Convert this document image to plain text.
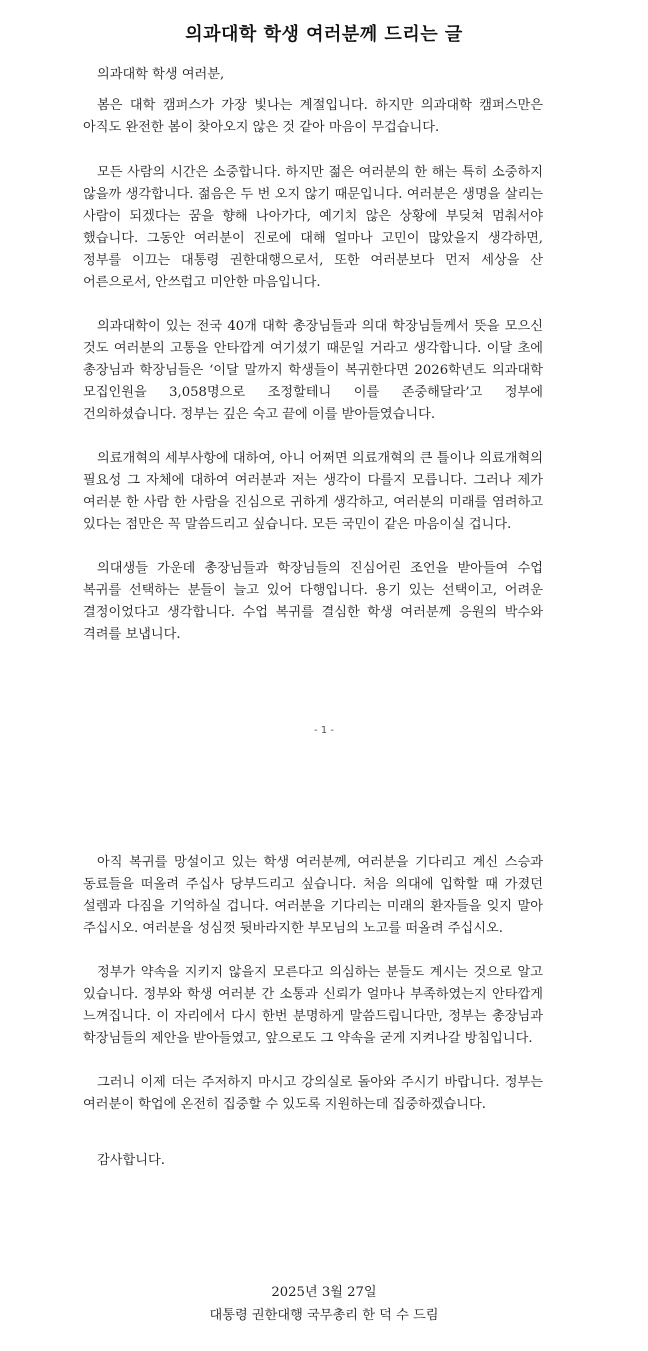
의과대학 학생 여러분께 드리는 글

의과대학 학생 여러분,

봄은 대학 캠퍼스가 가장 빛나는 계절입니다. 하지만 의과대학 캠퍼스만은 아직도 완전한 봄이 찾아오지 않은 것 같아 마음이 무겁습니다.

모든 사람의 시간은 소중합니다. 하지만 젊은 여러분의 한 해는 특히 소중하지 않을까 생각합니다. 젊음은 두 번 오지 않기 때문입니다. 여러분은 생명을 살리는 사람이 되겠다는 꿈을 향해 나아가다, 예기치 않은 상황에 부딪쳐 멈춰서야 했습니다. 그동안 여러분이 진로에 대해 얼마나 고민이 많았을지 생각하면, 정부를 이끄는 대통령 권한대행으로서, 또한 여러분보다 먼저 세상을 산 어른으로서, 안쓰럽고 미안한 마음입니다.

의과대학이 있는 전국 40개 대학 총장님들과 의대 학장님들께서 뜻을 모으신 것도 여러분의 고통을 안타깝게 여기셨기 때문일 거라고 생각합니다. 이달 초에 총장님과 학장님들은 ‘이달 말까지 학생들이 복귀한다면 2026학년도 의과대학 모집인원을 3,058명으로 조정할테니 이를 존중해달라’고 정부에 건의하셨습니다. 정부는 깊은 숙고 끝에 이를 받아들였습니다.

의료개혁의 세부사항에 대하여, 아니 어쩌면 의료개혁의 큰 틀이나 의료개혁의 필요성 그 자체에 대하여 여러분과 저는 생각이 다를지 모릅니다. 그러나 제가 여러분 한 사람 한 사람을 진심으로 귀하게 생각하고, 여러분의 미래를 염려하고 있다는 점만은 꼭 말씀드리고 싶습니다. 모든 국민이 같은 마음이실 겁니다.

의대생들 가운데 총장님들과 학장님들의 진심어린 조언을 받아들여 수업 복귀를 선택하는 분들이 늘고 있어 다행입니다. 용기 있는 선택이고, 어려운 결정이었다고 생각합니다. 수업 복귀를 결심한 학생 여러분께 응원의 박수와 격려를 보냅니다.

- 1 -

아직 복귀를 망설이고 있는 학생 여러분께, 여러분을 기다리고 계신 스승과 동료들을 떠올려 주십사 당부드리고 싶습니다. 처음 의대에 입학할 때 가졌던 설렘과 다짐을 기억하실 겁니다. 여러분을 기다리는 미래의 환자들을 잊지 말아 주십시오. 여러분을 성심껏 뒷바라지한 부모님의 노고를 떠올려 주십시오.

정부가 약속을 지키지 않을지 모른다고 의심하는 분들도 계시는 것으로 알고 있습니다. 정부와 학생 여러분 간 소통과 신뢰가 얼마나 부족하였는지 안타깝게 느껴집니다. 이 자리에서 다시 한번 분명하게 말씀드립니다만, 정부는 총장님과 학장님들의 제안을 받아들였고, 앞으로도 그 약속을 굳게 지켜나갈 방침입니다.

그러니 이제 더는 주저하지 마시고 강의실로 돌아와 주시기 바랍니다. 정부는 여러분이 학업에 온전히 집중할 수 있도록 지원하는데 집중하겠습니다.

감사합니다.

2025년 3월 27일
대통령 권한대행 국무총리 한 덕 수 드림
